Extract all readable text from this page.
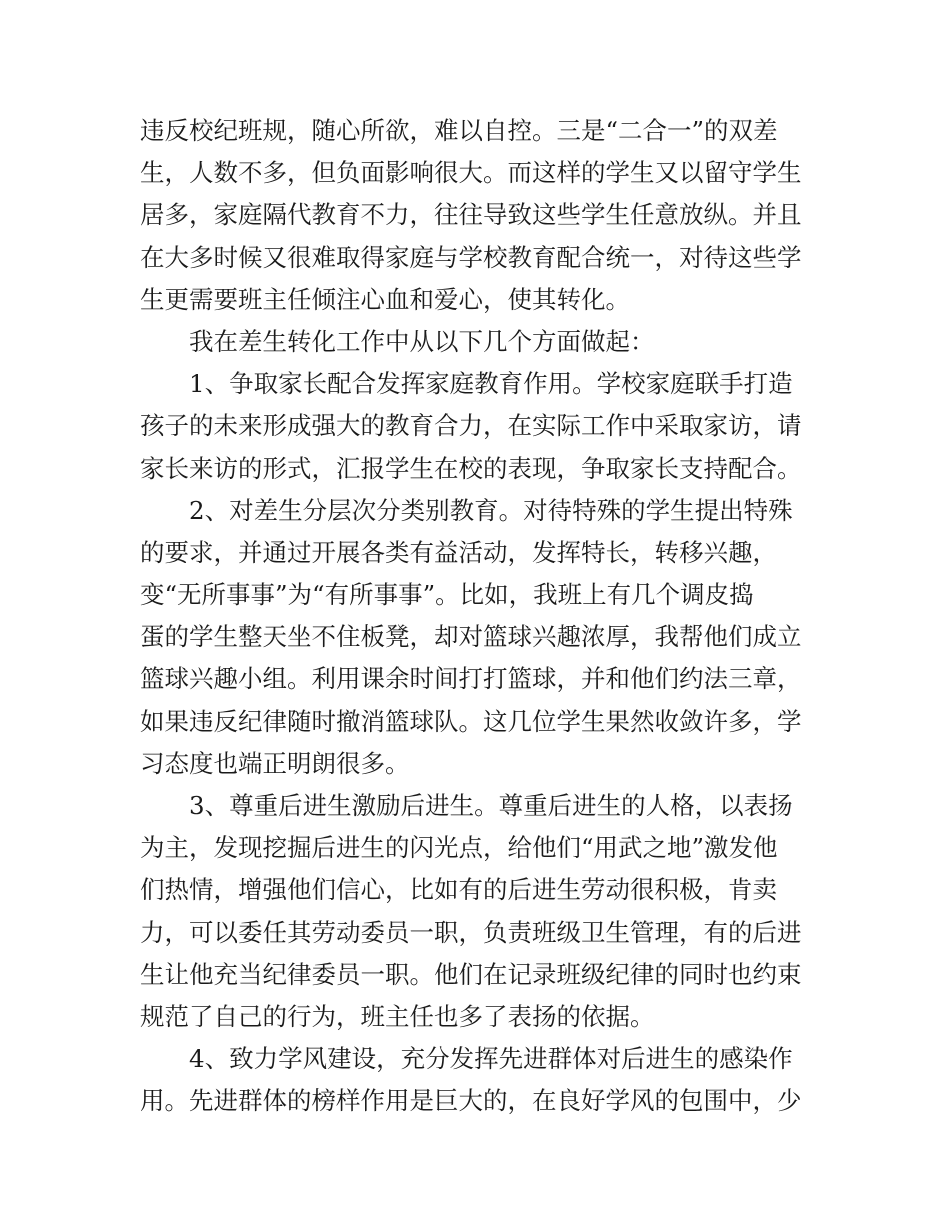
违反校纪班规，随心所欲，难以自控。三是“二合一”的双差
生，人数不多，但负面影响很大。而这样的学生又以留守学生
居多，家庭隔代教育不力，往往导致这些学生任意放纵。并且
在大多时候又很难取得家庭与学校教育配合统一，对待这些学
生更需要班主任倾注心血和爱心，使其转化。
我在差生转化工作中从以下几个方面做起：
1、争取家长配合发挥家庭教育作用。学校家庭联手打造
孩子的未来形成强大的教育合力，在实际工作中采取家访，请
家长来访的形式，汇报学生在校的表现，争取家长支持配合。
2、对差生分层次分类别教育。对待特殊的学生提出特殊
的要求，并通过开展各类有益活动，发挥特长，转移兴趣，
变“无所事事”为“有所事事”。比如，我班上有几个调皮捣
蛋的学生整天坐不住板凳，却对篮球兴趣浓厚，我帮他们成立
篮球兴趣小组。利用课余时间打打篮球，并和他们约法三章，
如果违反纪律随时撤消篮球队。这几位学生果然收敛许多，学
习态度也端正明朗很多。
3、尊重后进生激励后进生。尊重后进生的人格，以表扬
为主，发现挖掘后进生的闪光点，给他们“用武之地”激发他
们热情，增强他们信心，比如有的后进生劳动很积极，肯卖
力，可以委任其劳动委员一职，负责班级卫生管理，有的后进
生让他充当纪律委员一职。他们在记录班级纪律的同时也约束
规范了自己的行为，班主任也多了表扬的依据。
4、致力学风建设，充分发挥先进群体对后进生的感染作
用。先进群体的榜样作用是巨大的，在良好学风的包围中，少
